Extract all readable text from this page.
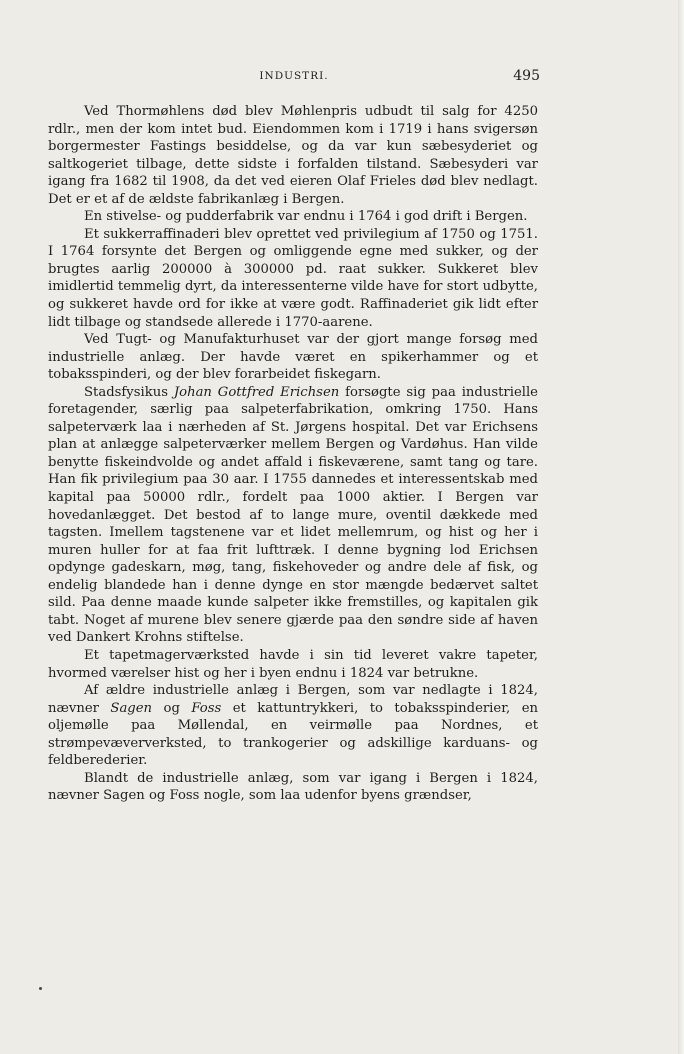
INDUSTRI.	495

Ved Thormøhlens død blev Møhlenpris udbudt til salg for 4250 rdlr., men der kom intet bud. Eiendommen kom i 1719 i hans svigersøn borgermester Fastings besiddelse, og da var kun sæbesyderiet og saltkogeriet tilbage, dette sidste i forfalden tilstand. Sæbesyderi var igang fra 1682 til 1908, da det ved eieren Olaf Frieles død blev nedlagt. Det er et af de ældste fabrikanlæg i Bergen.

En stivelse- og pudderfabrik var endnu i 1764 i god drift i Bergen.

Et sukkerraffinaderi blev oprettet ved privilegium af 1750 og 1751. I 1764 forsynte det Bergen og omliggende egne med sukker, og der brugtes aarlig 200000 à 300000 pd. raat sukker. Sukkeret blev imidlertid temmelig dyrt, da interessenterne vilde have for stort udbytte, og sukkeret havde ord for ikke at være godt. Raffinaderiet gik lidt efter lidt tilbage og standsede allerede i 1770-aarene.

Ved Tugt- og Manufakturhuset var der gjort mange forsøg med industrielle anlæg. Der havde været en spikerhammer og et tobaksspinderi, og der blev forarbeidet fiskegarn.

Stadsfysikus Johan Gottfred Erichsen forsøgte sig paa industrielle foretagender, særlig paa salpeterfabrikation, omkring 1750. Hans salpeterværk laa i nærheden af St. Jørgens hospital. Det var Erichsens plan at anlægge salpeterværker mellem Bergen og Vardøhus. Han vilde benytte fiskeindvolde og andet affald i fiskeværene, samt tang og tare. Han fik privilegium paa 30 aar. I 1755 dannedes et interessentskab med kapital paa 50000 rdlr., fordelt paa 1000 aktier. I Bergen var hovedanlægget. Det bestod af to lange mure, oventil dækkede med tagsten. Imellem tagstenene var et lidet mellemrum, og hist og her i muren huller for at faa frit lufttræk. I denne bygning lod Erichsen opdynge gadeskarn, møg, tang, fiskehoveder og andre dele af fisk, og endelig blandede han i denne dynge en stor mængde bedærvet saltet sild. Paa denne maade kunde salpeter ikke fremstilles, og kapitalen gik tabt. Noget af murene blev senere gjærde paa den søndre side af haven ved Dankert Krohns stiftelse.

Et tapetmagerværksted havde i sin tid leveret vakre tapeter, hvormed værelser hist og her i byen endnu i 1824 var betrukne.

Af ældre industrielle anlæg i Bergen, som var nedlagte i 1824, nævner Sagen og Foss et kattuntrykkeri, to tobaksspinderier, en oljemølle paa Møllendal, en veirmølle paa Nordnes, et strømpevæververksted, to trankogerier og adskillige karduans- og feldberederier.

Blandt de industrielle anlæg, som var igang i Bergen i 1824, nævner Sagen og Foss nogle, som laa udenfor byens grændser,
